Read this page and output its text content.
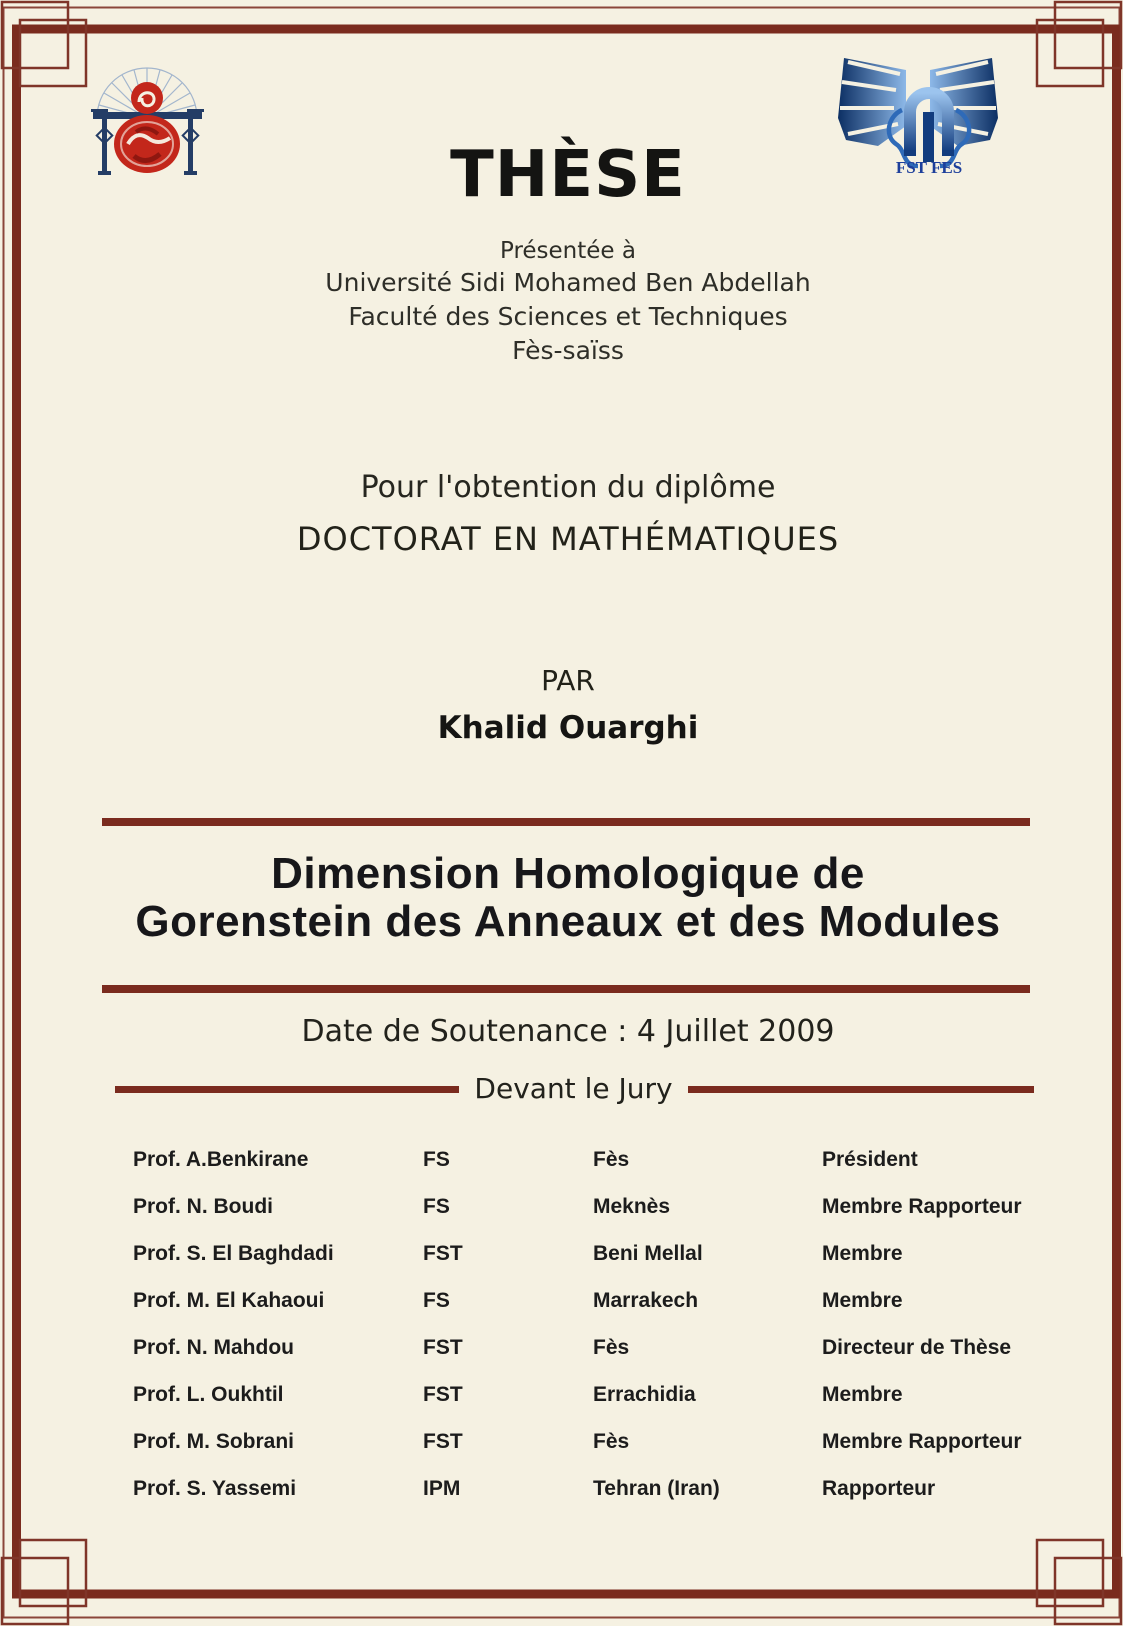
FST FES
THÈSE
Présentée à
Université Sidi Mohamed Ben Abdellah
Faculté des Sciences et Techniques
Fès-saïss
Pour l'obtention du diplôme
DOCTORAT EN MATHÉMATIQUES
PAR
Khalid Ouarghi
Dimension Homologique de
Gorenstein des Anneaux et des Modules
Date de Soutenance : 4 Juillet 2009
Devant le Jury
Prof. A.Benkirane	FS	Fès	Président
Prof. N. Boudi	FS	Meknès	Membre Rapporteur
Prof. S. El Baghdadi	FST	Beni Mellal	Membre
Prof. M. El Kahaoui	FS	Marrakech	Membre
Prof. N. Mahdou	FST	Fès	Directeur de Thèse
Prof. L. Oukhtil	FST	Errachidia	Membre
Prof. M. Sobrani	FST	Fès	Membre Rapporteur
Prof. S. Yassemi	IPM	Tehran (Iran)	Rapporteur
